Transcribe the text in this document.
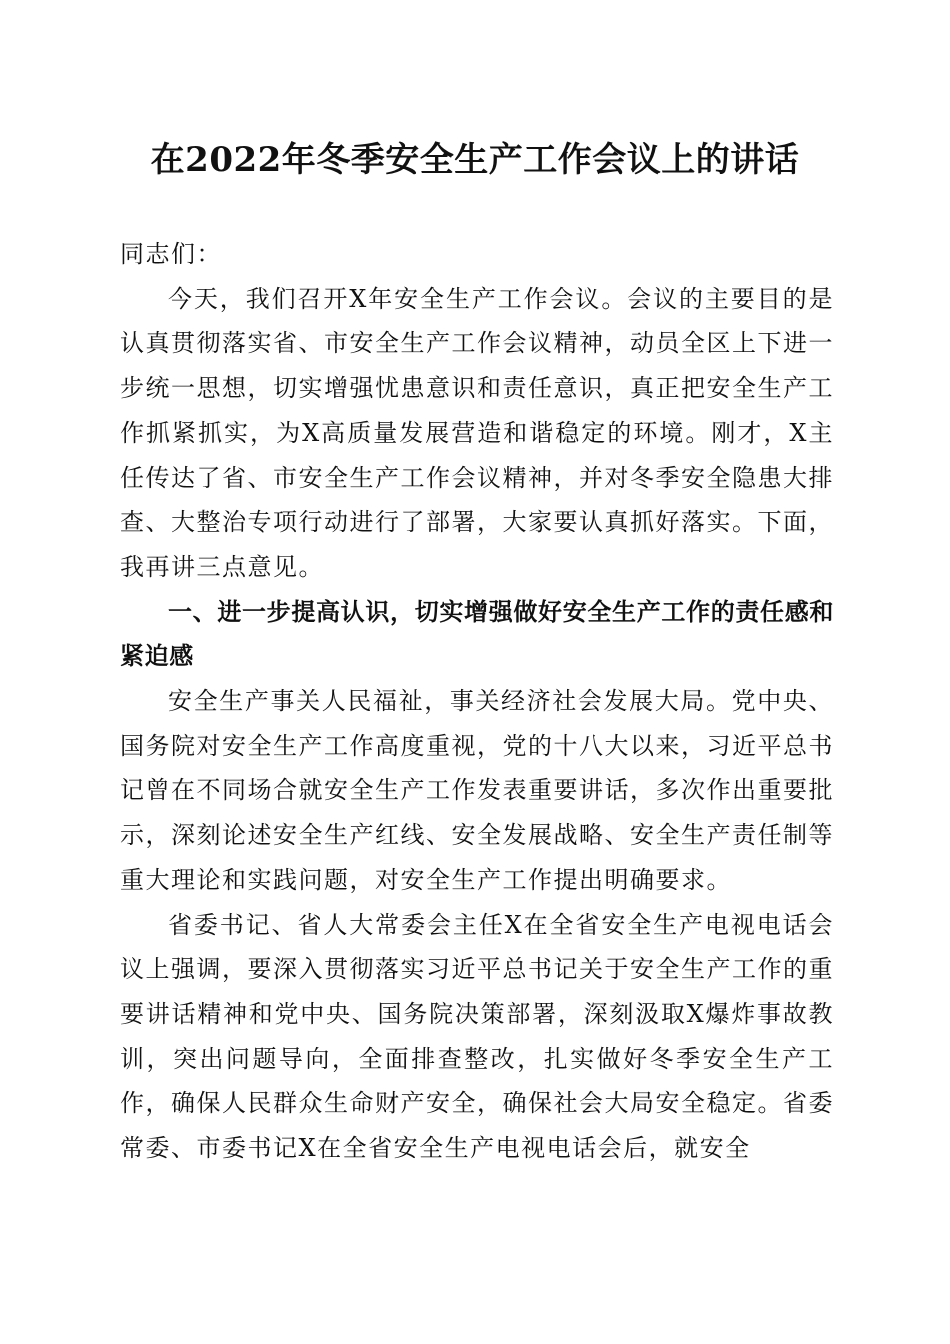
在2022年冬季安全生产工作会议上的讲话

同志们：

今天，我们召开X年安全生产工作会议。会议的主要目的是认真贯彻落实省、市安全生产工作会议精神，动员全区上下进一步统一思想，切实增强忧患意识和责任意识，真正把安全生产工作抓紧抓实，为X高质量发展营造和谐稳定的环境。刚才，X主任传达了省、市安全生产工作会议精神，并对冬季安全隐患大排查、大整治专项行动进行了部署，大家要认真抓好落实。下面，我再讲三点意见。

一、进一步提高认识，切实增强做好安全生产工作的责任感和紧迫感

安全生产事关人民福祉，事关经济社会发展大局。党中央、国务院对安全生产工作高度重视，党的十八大以来，习近平总书记曾在不同场合就安全生产工作发表重要讲话，多次作出重要批示，深刻论述安全生产红线、安全发展战略、安全生产责任制等重大理论和实践问题，对安全生产工作提出明确要求。

省委书记、省人大常委会主任X在全省安全生产电视电话会议上强调，要深入贯彻落实习近平总书记关于安全生产工作的重要讲话精神和党中央、国务院决策部署，深刻汲取X爆炸事故教训，突出问题导向，全面排查整改，扎实做好冬季安全生产工作，确保人民群众生命财产安全，确保社会大局安全稳定。省委常委、市委书记X在全省安全生产电视电话会后，就安全
